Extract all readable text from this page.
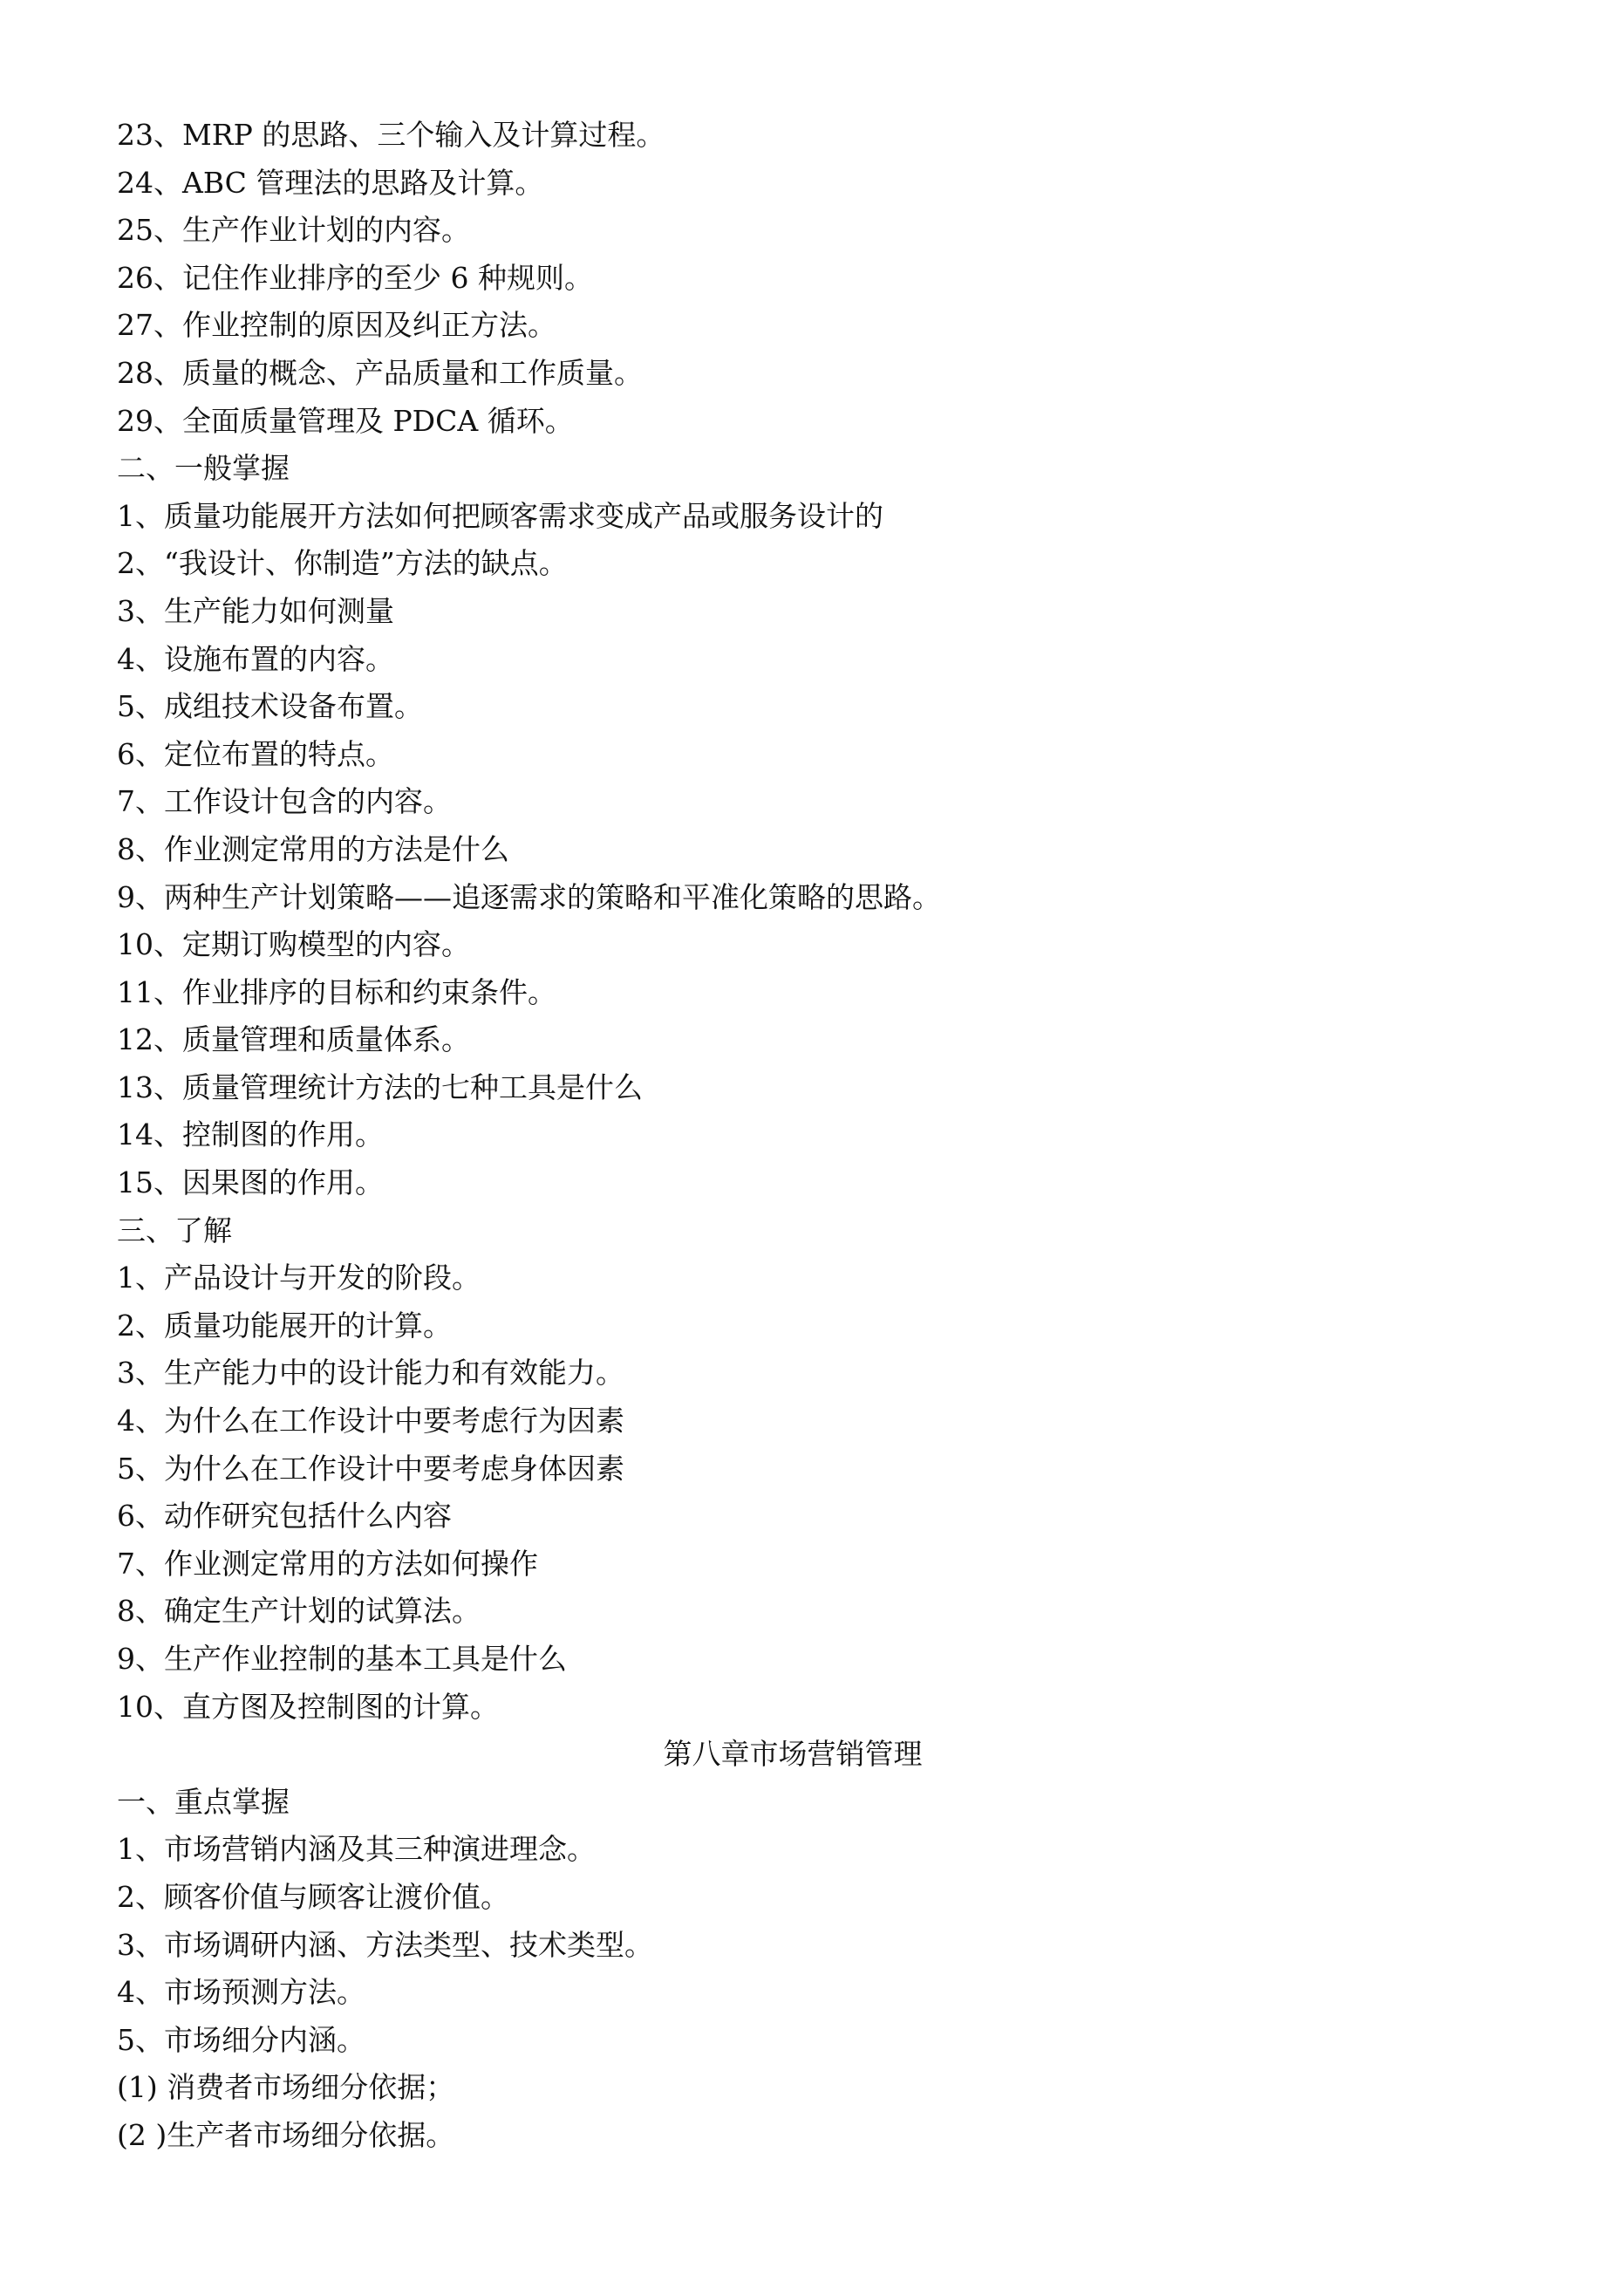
23、MRP 的思路、三个输入及计算过程。

24、ABC 管理法的思路及计算。

25、生产作业计划的内容。

26、记住作业排序的至少 6 种规则。

27、作业控制的原因及纠正方法。

28、质量的概念、产品质量和工作质量。

29、全面质量管理及 PDCA 循环。

二、一般掌握

1、质量功能展开方法如何把顾客需求变成产品或服务设计的

2、“我设计、你制造”方法的缺点。

3、生产能力如何测量

4、设施布置的内容。

5、成组技术设备布置。

6、定位布置的特点。

7、工作设计包含的内容。

8、作业测定常用的方法是什么

9、两种生产计划策略——追逐需求的策略和平准化策略的思路。

10、定期订购模型的内容。

11、作业排序的目标和约束条件。

12、质量管理和质量体系。

13、质量管理统计方法的七种工具是什么

14、控制图的作用。

15、因果图的作用。

三、了解

1、产品设计与开发的阶段。

2、质量功能展开的计算。

3、生产能力中的设计能力和有效能力。

4、为什么在工作设计中要考虑行为因素

5、为什么在工作设计中要考虑身体因素

6、动作研究包括什么内容

7、作业测定常用的方法如何操作

8、确定生产计划的试算法。

9、生产作业控制的基本工具是什么

10、直方图及控制图的计算。

第八章市场营销管理

一、重点掌握

1、市场营销内涵及其三种演进理念。

2、顾客价值与顾客让渡价值。

3、市场调研内涵、方法类型、技术类型。

4、市场预测方法。

5、市场细分内涵。

(1) 消费者市场细分依据；

(2 )生产者市场细分依据。
